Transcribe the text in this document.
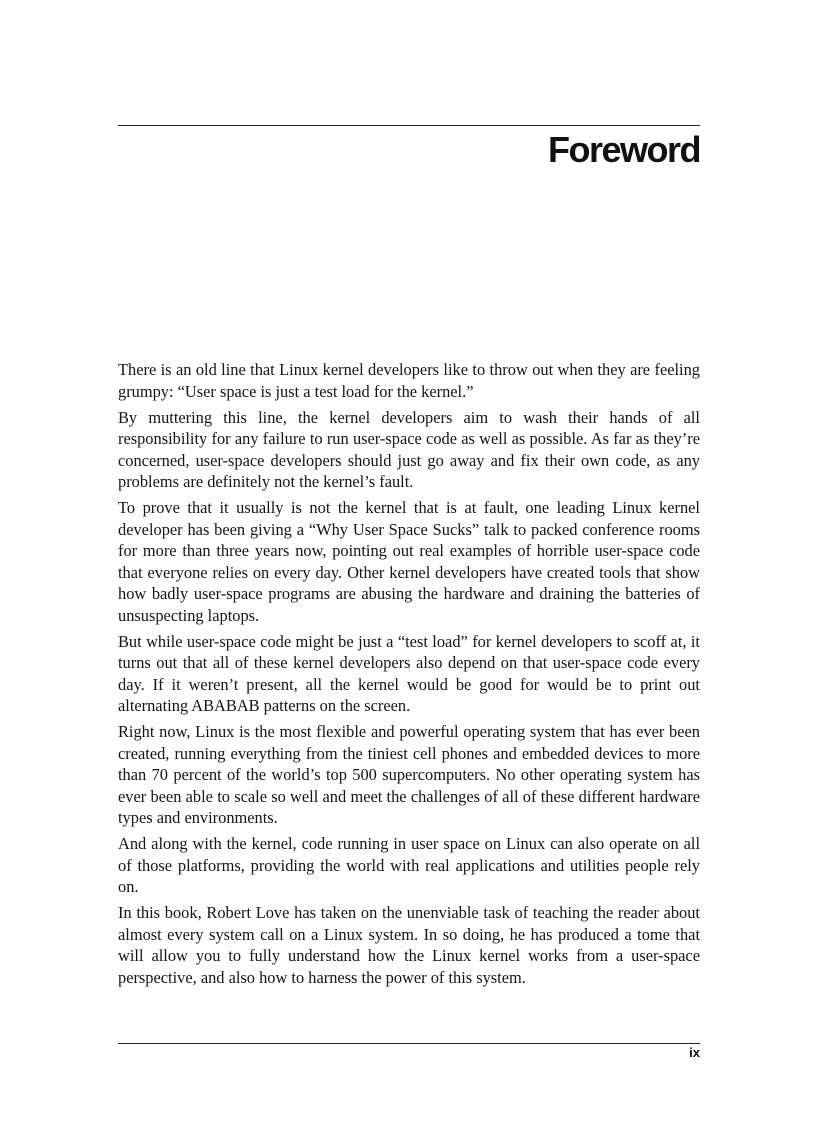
Foreword

There is an old line that Linux kernel developers like to throw out when they are feeling grumpy: “User space is just a test load for the kernel.”

By muttering this line, the kernel developers aim to wash their hands of all responsibility for any failure to run user-space code as well as possible. As far as they’re concerned, user-space developers should just go away and fix their own code, as any problems are definitely not the kernel’s fault.

To prove that it usually is not the kernel that is at fault, one leading Linux kernel developer has been giving a “Why User Space Sucks” talk to packed conference rooms for more than three years now, pointing out real examples of horrible user-space code that everyone relies on every day. Other kernel developers have created tools that show how badly user-space programs are abusing the hardware and draining the batteries of unsuspecting laptops.

But while user-space code might be just a “test load” for kernel developers to scoff at, it turns out that all of these kernel developers also depend on that user-space code every day. If it weren’t present, all the kernel would be good for would be to print out alternating ABABAB patterns on the screen.

Right now, Linux is the most flexible and powerful operating system that has ever been created, running everything from the tiniest cell phones and embedded devices to more than 70 percent of the world’s top 500 supercomputers. No other operating system has ever been able to scale so well and meet the challenges of all of these different hardware types and environments.

And along with the kernel, code running in user space on Linux can also operate on all of those platforms, providing the world with real applications and utilities people rely on.

In this book, Robert Love has taken on the unenviable task of teaching the reader about almost every system call on a Linux system. In so doing, he has produced a tome that will allow you to fully understand how the Linux kernel works from a user-space perspective, and also how to harness the power of this system.

ix
